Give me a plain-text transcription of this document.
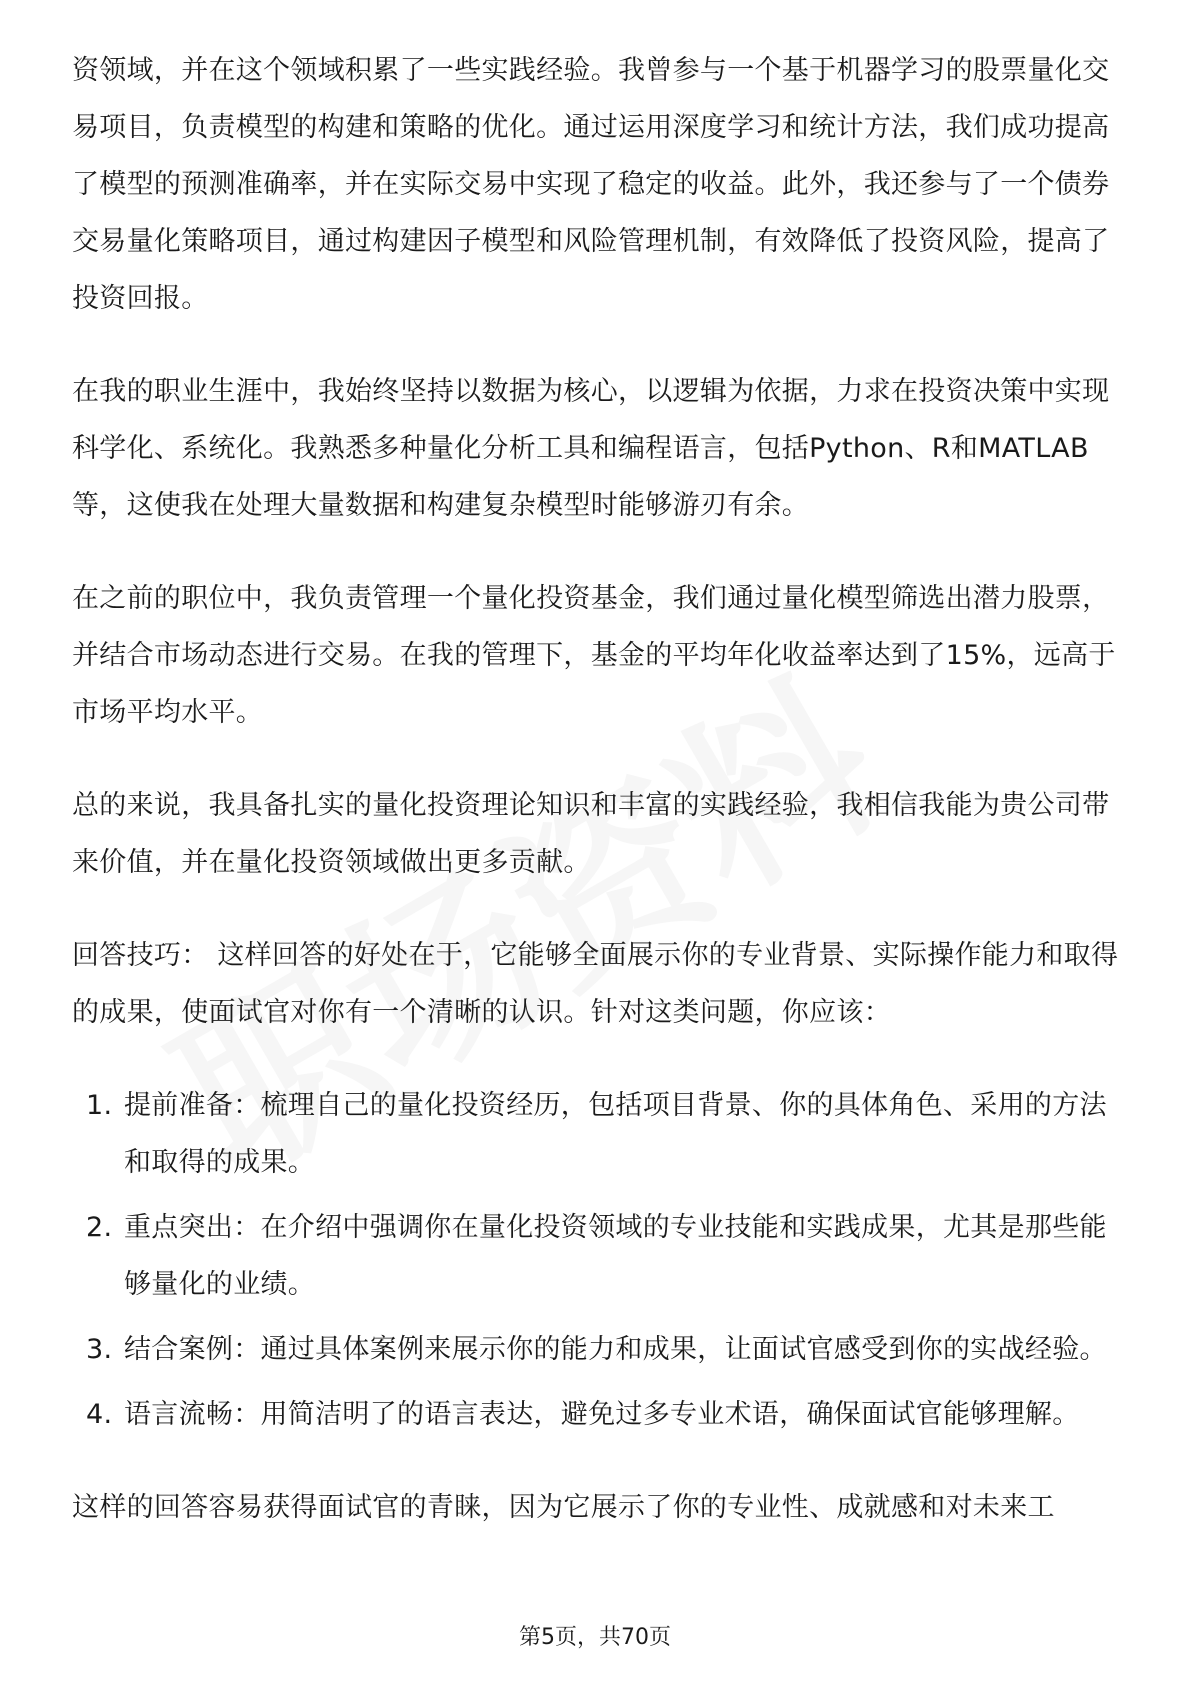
资领域，并在这个领域积累了一些实践经验。我曾参与一个基于机器学习的股票量化交易项目，负责模型的构建和策略的优化。通过运用深度学习和统计方法，我们成功提高了模型的预测准确率，并在实际交易中实现了稳定的收益。此外，我还参与了一个债券交易量化策略项目，通过构建因子模型和风险管理机制，有效降低了投资风险，提高了投资回报。

在我的职业生涯中，我始终坚持以数据为核心，以逻辑为依据，力求在投资决策中实现科学化、系统化。我熟悉多种量化分析工具和编程语言，包括Python、R和MATLAB等，这使我在处理大量数据和构建复杂模型时能够游刃有余。

在之前的职位中，我负责管理一个量化投资基金，我们通过量化模型筛选出潜力股票，并结合市场动态进行交易。在我的管理下，基金的平均年化收益率达到了15%，远高于市场平均水平。

总的来说，我具备扎实的量化投资理论知识和丰富的实践经验，我相信我能为贵公司带来价值，并在量化投资领域做出更多贡献。

回答技巧： 这样回答的好处在于，它能够全面展示你的专业背景、实际操作能力和取得的成果，使面试官对你有一个清晰的认识。针对这类问题，你应该：

1. 提前准备：梳理自己的量化投资经历，包括项目背景、你的具体角色、采用的方法和取得的成果。
2. 重点突出：在介绍中强调你在量化投资领域的专业技能和实践成果，尤其是那些能够量化的业绩。
3. 结合案例：通过具体案例来展示你的能力和成果，让面试官感受到你的实战经验。
4. 语言流畅：用简洁明了的语言表达，避免过多专业术语，确保面试官能够理解。

这样的回答容易获得面试官的青睐，因为它展示了你的专业性、成就感和对未来工

第5页，共70页
